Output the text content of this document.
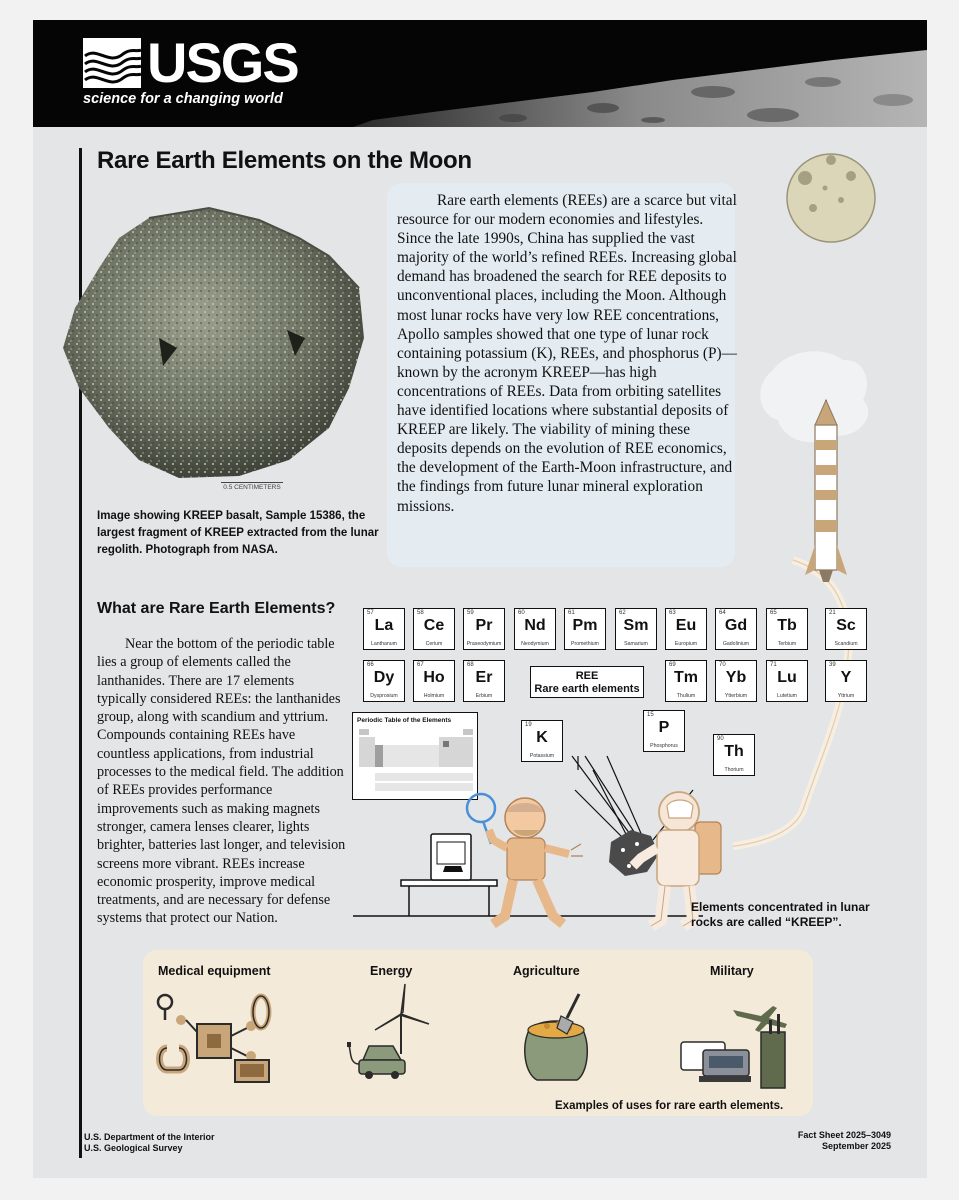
USGS
science for a changing world
Rare Earth Elements on the Moon
0.5 CENTIMETERS

Image showing KREEP basalt, Sample 15386, the largest fragment of KREEP extracted from the lunar regolith. Photograph from NASA.

Rare earth elements (REEs) are a scarce but vital resource for our modern economies and lifestyles. Since the late 1990s, China has supplied the vast majority of the world’s refined REEs. Increasing global demand has broadened the search for REE deposits to unconventional places, including the Moon. Although most lunar rocks have very low REE concentrations, Apollo samples showed that one type of lunar rock containing potassium (K), REEs, and phosphorus (P)—known by the acronym KREEP—has high concentrations of REEs. Data from orbiting satellites have identified locations where substantial deposits of KREEP are likely. The viability of mining these deposits depends on the evolution of REE economics, the development of the Earth-Moon infrastructure, and the findings from future lunar mineral exploration missions.

What are Rare Earth Elements?

Near the bottom of the periodic table lies a group of elements called the lanthanides. There are 17 elements typically considered REEs: the lanthanides group, along with scandium and yttrium. Compounds containing REEs have countless applications, from industrial processes to the medical field. The addition of REEs provides performance improvements such as making magnets stronger, camera lenses clearer, lights brighter, batteries last longer, and television screens more vibrant. REEs increase economic prosperity, improve medical treatments, and are necessary for defense systems that protect our Nation.

REE
Rare earth elements
Periodic Table of the Elements

Elements concentrated in lunar rocks are called “KREEP”.

Medical equipment	Energy	Agriculture	Military
Examples of uses for rare earth elements.
U.S. Department of the Interior
U.S. Geological Survey
Fact Sheet 2025–3049
September 2025
57
La
Lanthanum
58
Ce
Cerium
59
Pr
Praseodymium
60
Nd
Neodymium
61
Pm
Promethium
62
Sm
Samarium
63
Eu
Europium
64
Gd
Gadolinium
65
Tb
Terbium
21
Sc
Scandium
66
Dy
Dysprosium
67
Ho
Holmium
68
Er
Erbium
69
Tm
Thulium
70
Yb
Ytterbium
71
Lu
Lutetium
39
Y
Yttrium
19
K
Potassium
15
P
Phosphorus
90
Th
Thorium
